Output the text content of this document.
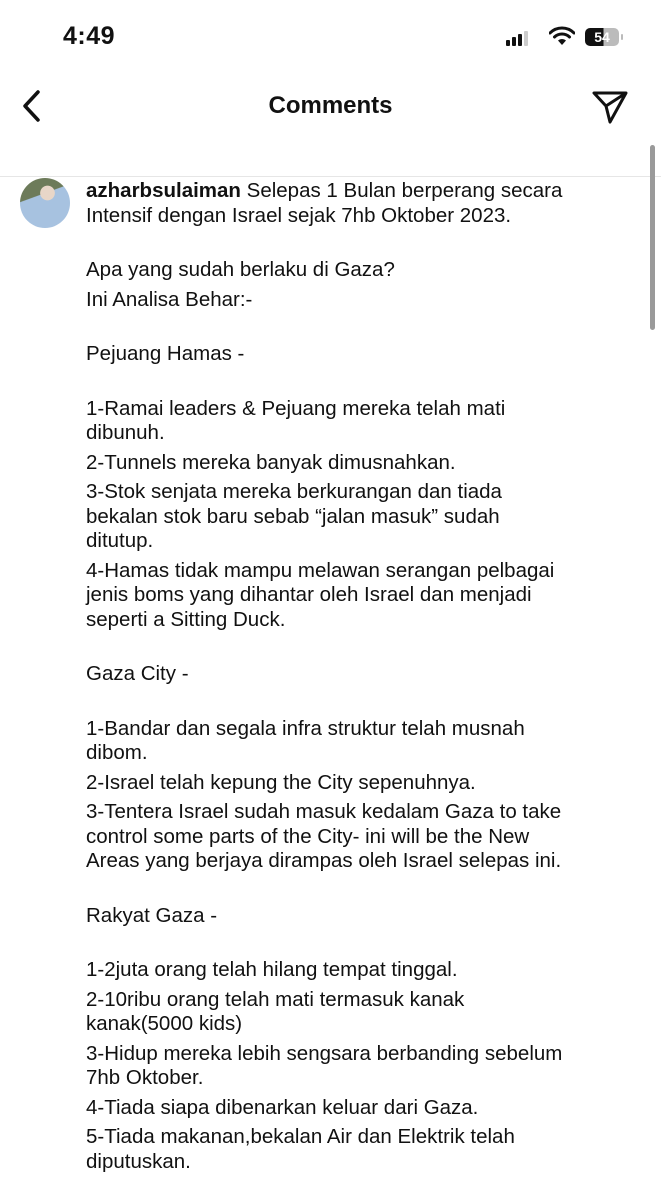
4:49	54
Comments
azharbsulaiman Selepas 1 Bulan berperang secara
Intensif dengan Israel sejak 7hb Oktober 2023.
Apa yang sudah berlaku di Gaza?
Ini Analisa Behar:-
Pejuang Hamas -
1-Ramai leaders & Pejuang mereka telah mati
dibunuh.
2-Tunnels mereka banyak dimusnahkan.
3-Stok senjata mereka berkurangan dan tiada
bekalan stok baru sebab “jalan masuk” sudah
ditutup.
4-Hamas tidak mampu melawan serangan pelbagai
jenis boms yang dihantar oleh Israel dan menjadi
seperti a Sitting Duck.
Gaza City -
1-Bandar dan segala infra struktur telah musnah
dibom.
2-Israel telah kepung the City sepenuhnya.
3-Tentera Israel sudah masuk kedalam Gaza to take
control some parts of the City- ini will be the New
Areas yang berjaya dirampas oleh Israel selepas ini.
Rakyat Gaza -
1-2juta orang telah hilang tempat tinggal.
2-10ribu orang telah mati termasuk kanak
kanak(5000 kids)
3-Hidup mereka lebih sengsara berbanding sebelum
7hb Oktober.
4-Tiada siapa dibenarkan keluar dari Gaza.
5-Tiada makanan,bekalan Air dan Elektrik telah
diputuskan.
